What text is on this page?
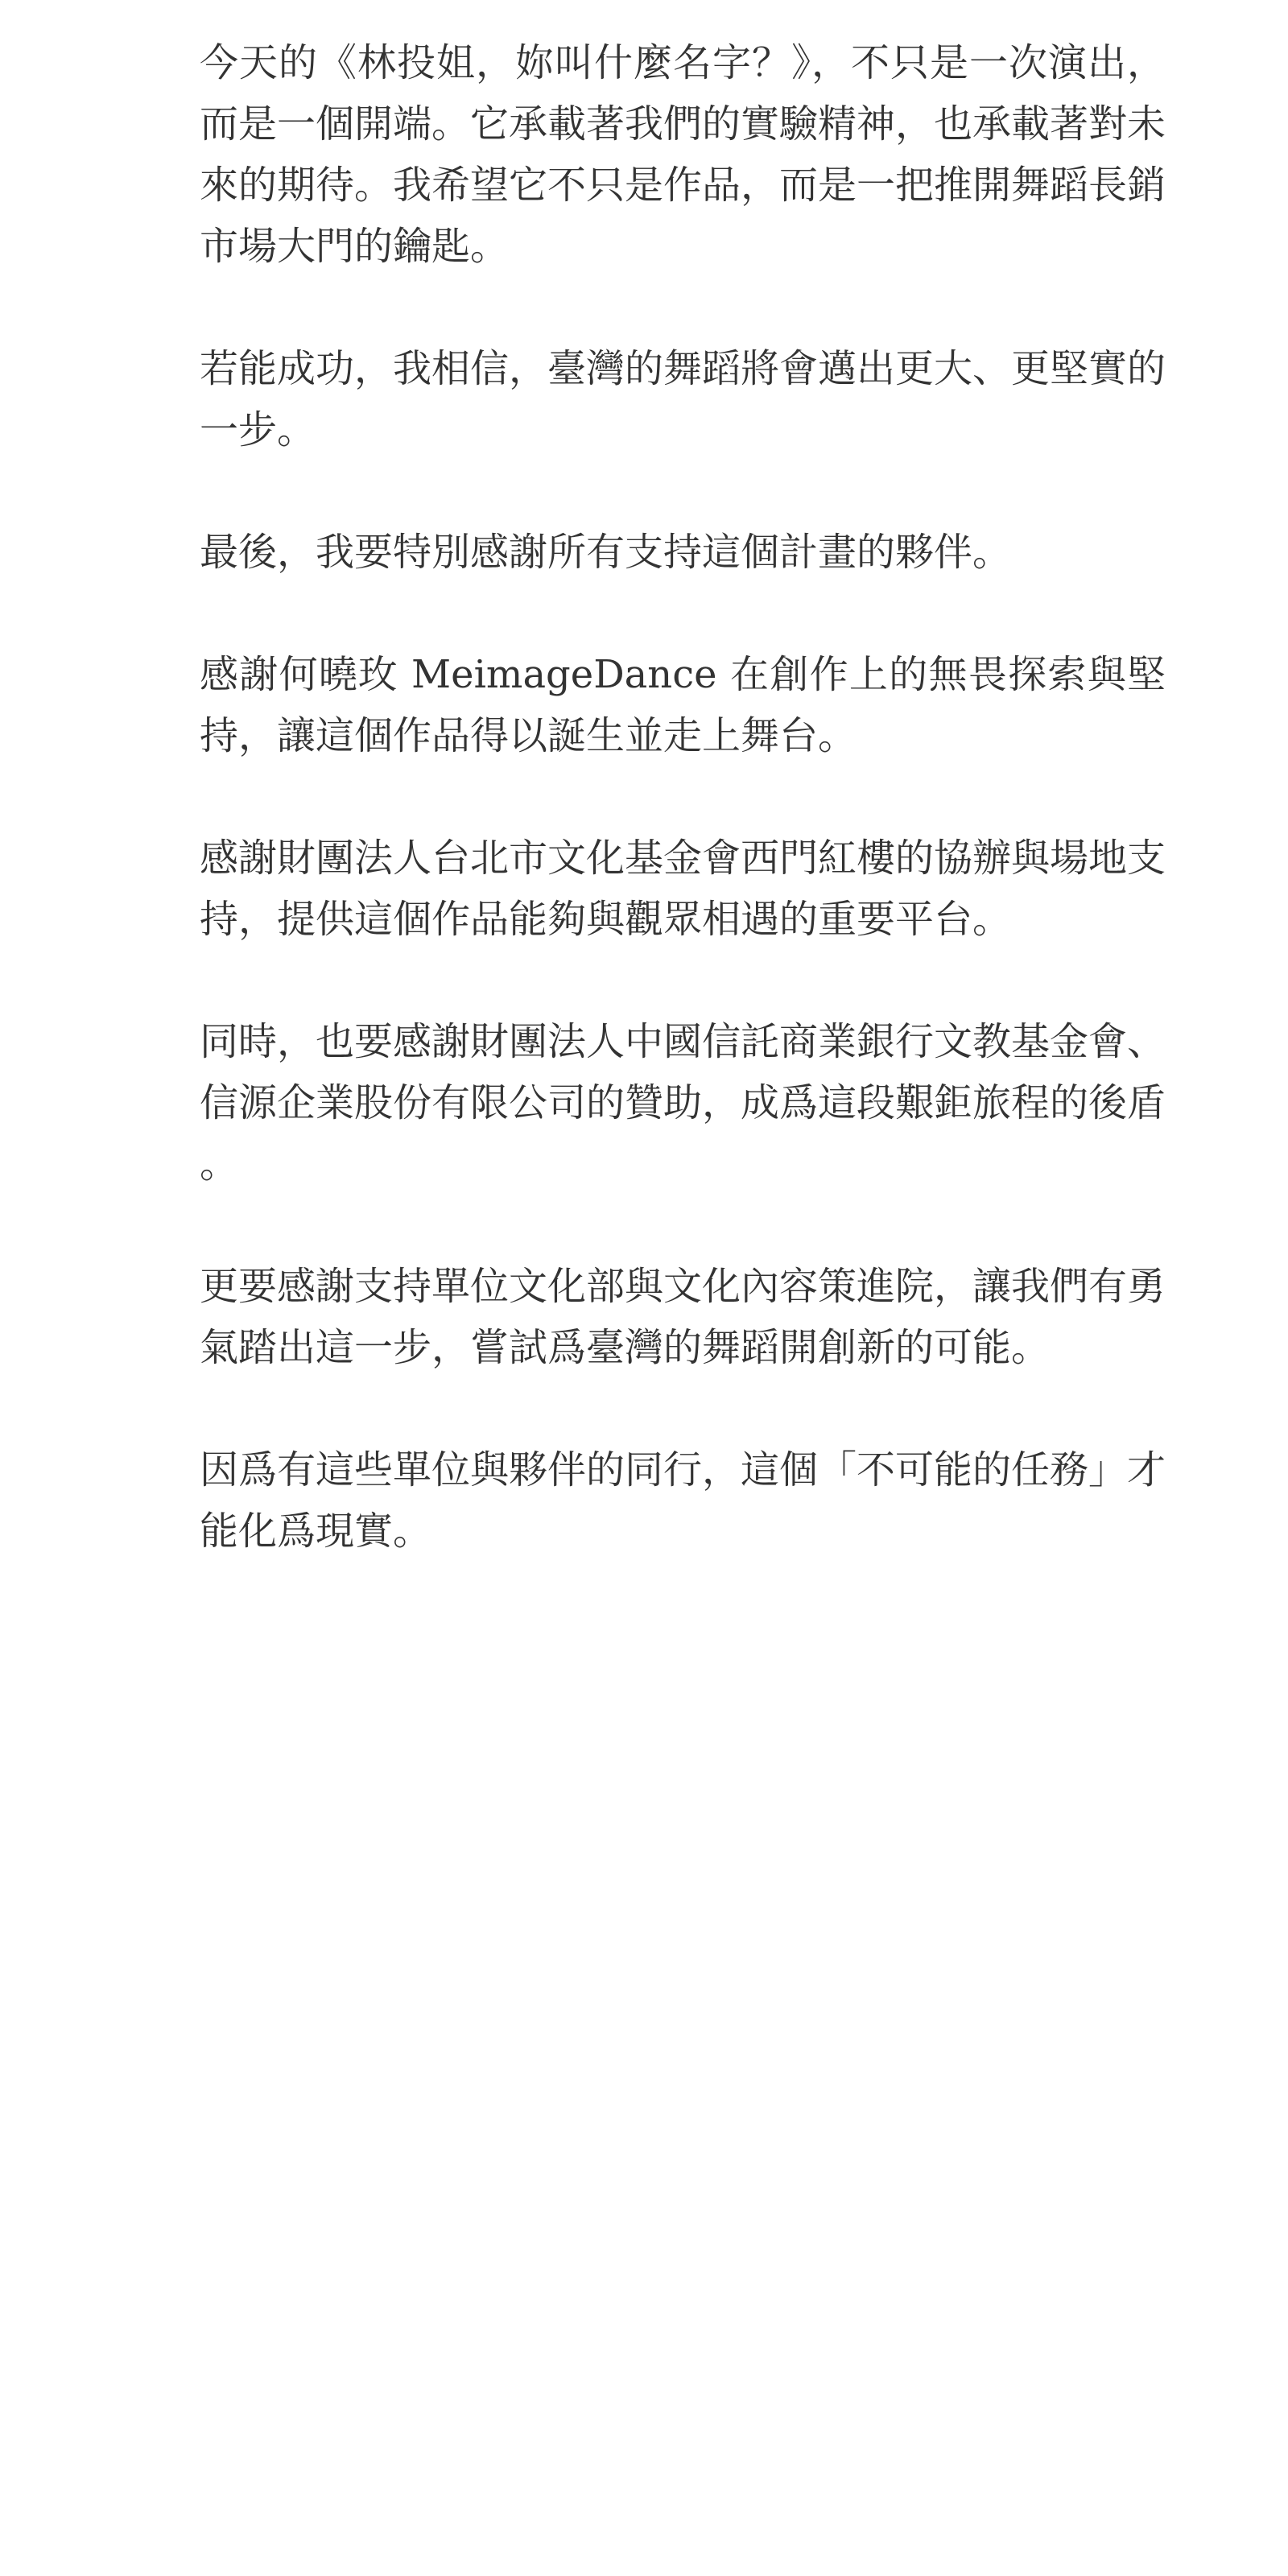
今天的《林投姐，妳叫什麼名字？》，不只是一次演出，而是一個開端。它承載著我們的實驗精神，也承載著對未來的期待。我希望它不只是作品，而是一把推開舞蹈長銷市場大門的鑰匙。

若能成功，我相信，臺灣的舞蹈將會邁出更大、更堅實的一步。

最後，我要特別感謝所有支持這個計畫的夥伴。

感謝何曉玫 MeimageDance 在創作上的無畏探索與堅持，讓這個作品得以誕生並走上舞台。

感謝財團法人台北市文化基金會西門紅樓的協辦與場地支持，提供這個作品能夠與觀眾相遇的重要平台。

同時，也要感謝財團法人中國信託商業銀行文教基金會、信源企業股份有限公司的贊助，成爲這段艱鉅旅程的後盾。

更要感謝支持單位文化部與文化內容策進院，讓我們有勇氣踏出這一步，嘗試爲臺灣的舞蹈開創新的可能。

因爲有這些單位與夥伴的同行，這個「不可能的任務」才能化爲現實。
